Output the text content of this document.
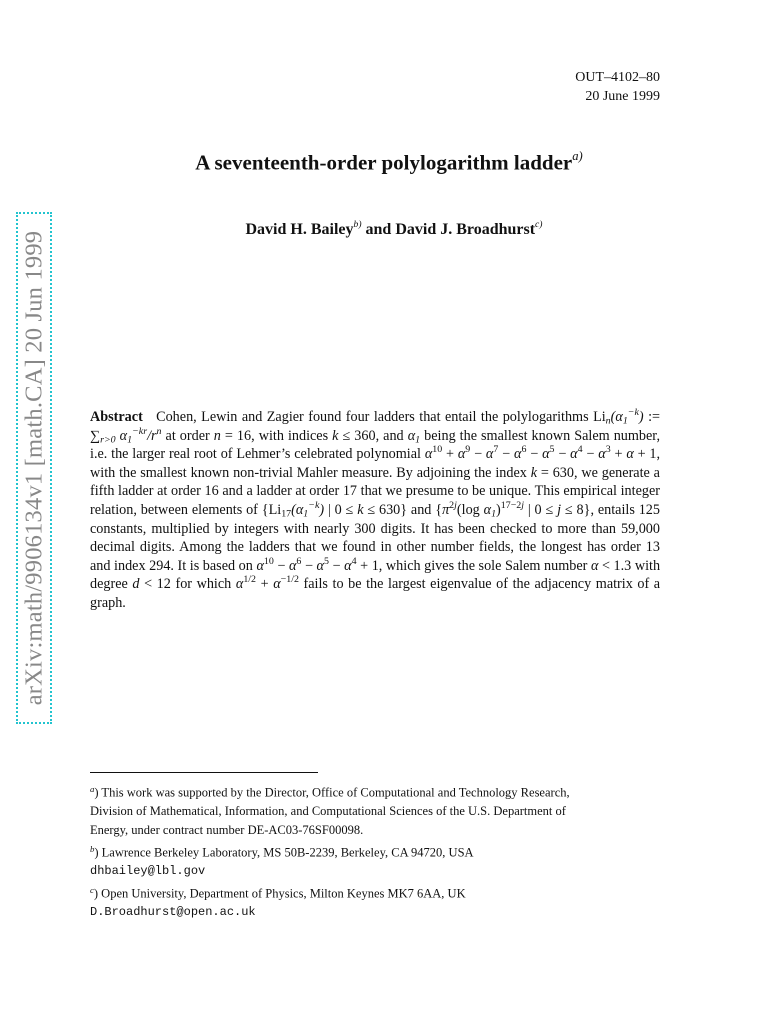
arXiv:math/9906134v1 [math.CA] 20 Jun 1999
OUT–4102–80
20 June 1999
A seventeenth-order polylogarithm ladder$^{a)}$
David H. Bailey$^{b)}$ and David J. Broadhurst$^{c)}$
Abstract Cohen, Lewin and Zagier found four ladders that entail the polylogarithms $Li_n(\alpha_1^{-k})$ := $\sum_{r>0}$ $\alpha_1^{-kr}/r^n$ at order n = 16, with indices k ≤ 360, and $\alpha_1$ being the smallest known Salem number, i.e. the larger real root of Lehmer’s celebrated polynomial $\alpha^{10} + \alpha^9 - \alpha^7 - \alpha^6 - \alpha^5 - \alpha^4 - \alpha^3 + \alpha + 1$, with the smallest known non-trivial Mahler measure. By adjoining the index k = 630, we generate a fifth ladder at order 16 and a ladder at order 17 that we presume to be unique. This empirical integer relation, between elements of {$Li_{17}(\alpha_1^{-k})$ | 0 ≤ k ≤ 630} and {$\pi^{2j}(\log$ $\alpha_1)^{17-2j}$ | 0 ≤ j ≤ 8}, entails 125 constants, multiplied by integers with nearly 300 digits. It has been checked to more than 59,000 decimal digits. Among the ladders that we found in other number fields, the longest has order 13 and index 294. It is based on $\alpha^{10} - \alpha^6 - \alpha^5 - \alpha^4 + 1$, which gives the sole Salem number α < 1.3 with degree d < 12 for which $\alpha^{1/2} + \alpha^{-1/2}$ fails to be the largest eigenvalue of the adjacency matrix of a graph.
$^a$) This work was supported by the Director, Office of Computational and Technology Research,
Division of Mathematical, Information, and Computational Sciences of the U.S. Department of
Energy, under contract number DE-AC03-76SF00098.
$^b$) Lawrence Berkeley Laboratory, MS 50B-2239, Berkeley, CA 94720, USA
dhbailey@lbl.gov
$^c$) Open University, Department of Physics, Milton Keynes MK7 6AA, UK
D.Broadhurst@open.ac.uk
